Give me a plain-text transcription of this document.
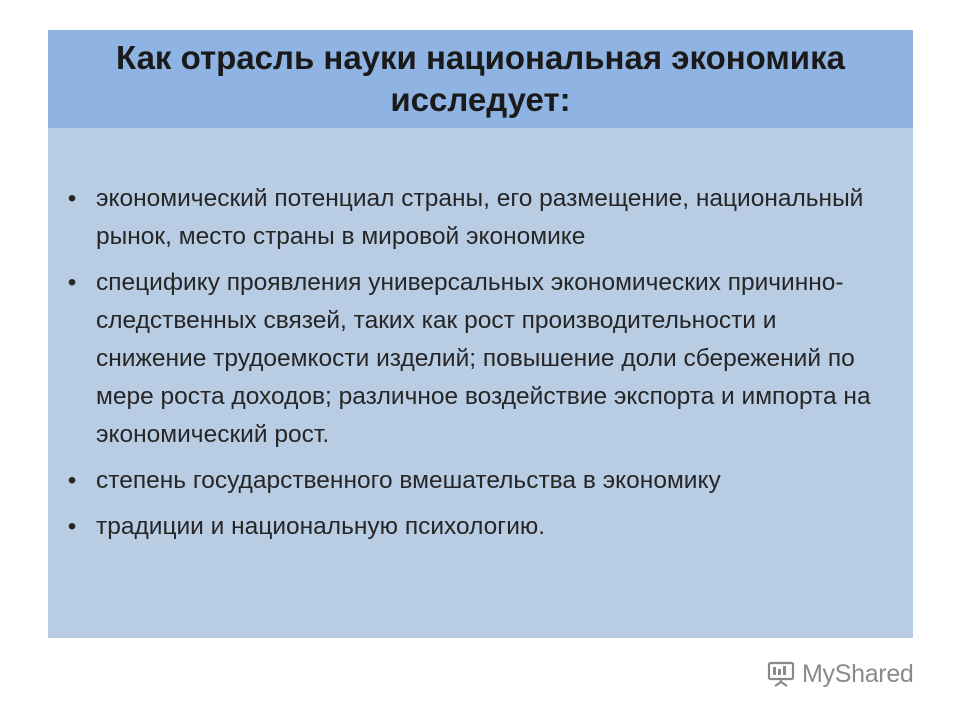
Как отрасль науки национальная экономика исследует:
• экономический потенциал страны, его размещение, национальный рынок, место страны в мировой экономике
• специфику проявления универсальных экономических причинно-следственных связей, таких как рост производительности и снижение трудоемкости изделий; повышение доли сбережений по мере роста доходов; различное воздействие экспорта и импорта на экономический рост.
• степень государственного вмешательства в экономику
• традиции и национальную психологию.
MyShared
